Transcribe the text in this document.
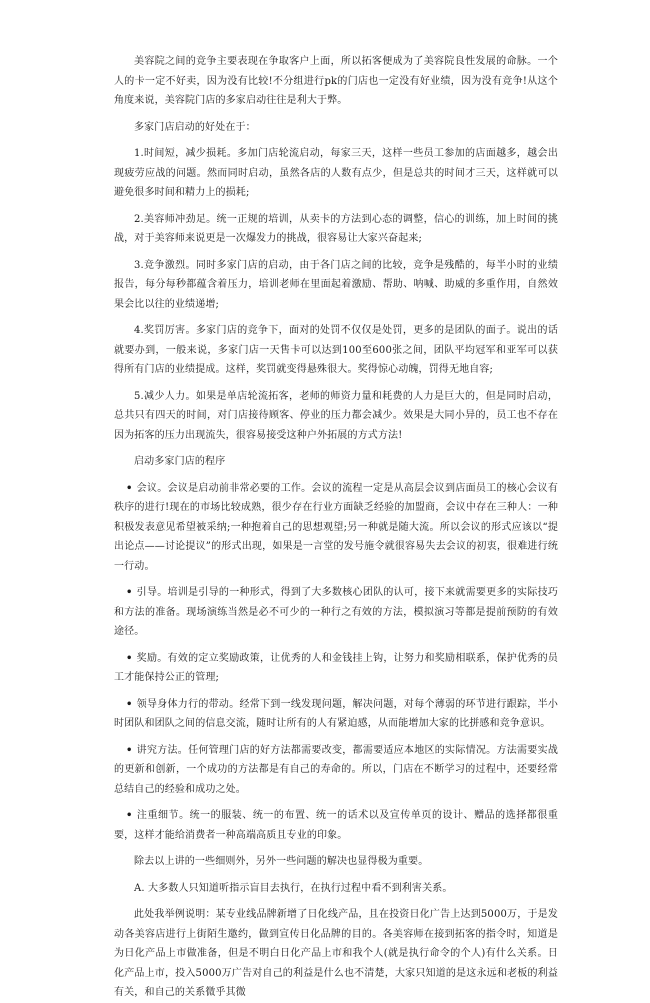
美容院之间的竞争主要表现在争取客户上面，所以拓客便成为了美容院良性发展的命脉。一个人的卡一定不好卖，因为没有比较!不分组进行pk的门店也一定没有好业绩，因为没有竞争!从这个角度来说，美容院门店的多家启动往往是利大于弊。

多家门店启动的好处在于：

1.时间短，减少损耗。多加门店轮流启动，每家三天，这样一些员工参加的店面越多，越会出现疲劳应战的问题。然而同时启动，虽然各店的人数有点少，但是总共的时间才三天，这样就可以避免很多时间和精力上的损耗;

2.美容师冲劲足。统一正规的培训，从卖卡的方法到心态的调整，信心的训练，加上时间的挑战，对于美容师来说更是一次爆发力的挑战，很容易让大家兴奋起来;

3.竞争激烈。同时多家门店的启动，由于各门店之间的比较，竞争是残酷的，每半小时的业绩报告，每分每秒都蕴含着压力，培训老师在里面起着激励、帮助、呐喊、助威的多重作用，自然效果会比以往的业绩递增;

4.奖罚厉害。多家门店的竞争下，面对的处罚不仅仅是处罚，更多的是团队的面子。说出的话就要办到，一般来说，多家门店一天售卡可以达到100至600张之间，团队平均冠军和亚军可以获得所有门店的业绩提成。这样，奖罚就变得悬殊很大。奖得惊心动魄，罚得无地自容;

5.减少人力。如果是单店轮流拓客，老师的师资力量和耗费的人力是巨大的，但是同时启动，总共只有四天的时间，对门店接待顾客、停业的压力都会减少。效果是大同小异的，员工也不存在因为拓客的压力出现流失，很容易接受这种户外拓展的方式方法!

启动多家门店的程序

• 会议。会议是启动前非常必要的工作。会议的流程一定是从高层会议到店面员工的核心会议有秩序的进行!现在的市场比较成熟，很少存在行业方面缺乏经验的加盟商，会议中存在三种人：一种积极发表意见希望被采纳;一种抱着自己的思想观望;另一种就是随大流。所以会议的形式应该以“提出论点——讨论提议”的形式出现，如果是一言堂的发号施令就很容易失去会议的初衷，很难进行统一行动。

• 引导。培训是引导的一种形式，得到了大多数核心团队的认可，接下来就需要更多的实际技巧和方法的准备。现场演练当然是必不可少的一种行之有效的方法，模拟演习等都是提前预防的有效途径。

• 奖励。有效的定立奖励政策，让优秀的人和金钱挂上钩，让努力和奖励相联系，保护优秀的员工才能保持公正的管理;

• 领导身体力行的带动。经常下到一线发现问题，解决问题，对每个薄弱的环节进行跟踪，半小时团队和团队之间的信息交流，随时让所有的人有紧迫感，从而能增加大家的比拼感和竞争意识。

• 讲究方法。任何管理门店的好方法都需要改变，都需要适应本地区的实际情况。方法需要实战的更新和创新，一个成功的方法都是有自己的寿命的。所以，门店在不断学习的过程中，还要经常总结自己的经验和成功之处。

• 注重细节。统一的服装、统一的布置、统一的话术以及宣传单页的设计、赠品的选择都很重要，这样才能给消费者一种高端高质且专业的印象。

除去以上讲的一些细则外，另外一些问题的解决也显得极为重要。

A. 大多数人只知道听指示盲目去执行，在执行过程中看不到利害关系。

此处我举例说明：某专业线品牌新增了日化线产品，且在投资日化广告上达到5000万，于是发动各美容店进行上街陌生邀约，做到宣传日化品牌的目的。各美容师在接到拓客的指令时，知道是为日化产品上市做准备，但是不明白日化产品上市和我个人(就是执行命令的个人)有什么关系。日化产品上市，投入5000万广告对自己的利益是什么也不清楚，大家只知道的是这永远和老板的利益有关，和自己的关系微乎其微
